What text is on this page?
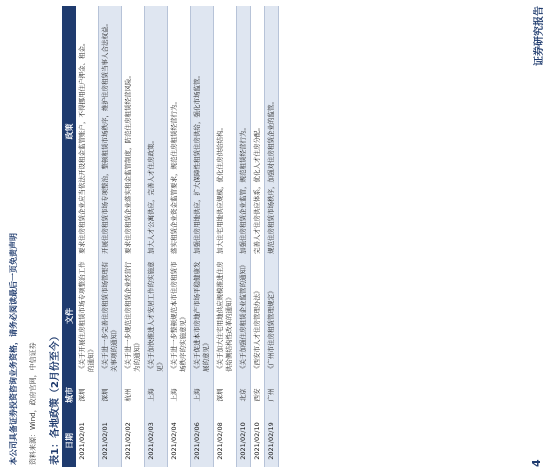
本公司具备证券投资咨询业务资格，请务必阅读最后一页免责声明 资料来源：Wind，政府官网，中信证券	表1：各地政策（2月份至今） 日期	城市	文件	政策
2021/02/01	深圳	《关于开展住房租赁市场专项整治工作的通知》	要求住房租赁企业应当依法开设租金监管账户，不得挪用住户押金、租金。
2021/02/01	深圳	《关于进一步完善住房租赁市场管理有关事项的通知》	开展住房租赁市场专项整治，整顿租赁市场秩序，维护住房租赁当事人合法权益。
2021/02/02	杭州	《关于进一步规范住房租赁企业经营行为的通知》	要求住房租赁企业落实租金监管制度，防范住房租赁经营风险。
2021/02/03	上海	《关于加快推进人才安居工作的实施意见》	加大人才公寓供应，完善人才住房政策。
2021/02/04	上海	《关于进一步整顿规范本市住房租赁市场秩序的实施意见》	落实租赁企业资金监管要求，规范住房租赁经营行为。
2021/02/06	上海	《关于促进本市房地产市场平稳健康发展的意见》	加强住房用地供应，扩大保障性租赁住房供给，强化市场监管。
2021/02/08	深圳	《关于加大住宅用地供应规模推进住房供给侧结构性改革的通知》	加大住宅用地供应规模，优化住房供给结构。
2021/02/10	北京	《关于加强住房租赁企业监管的通知》	加强住房租赁企业监管，规范租赁经营行为。
2021/02/10	西安	《西安市人才住房管理办法》	完善人才住房供应体系，优化人才住房分配。
2021/02/19	广州	《广州市住房租赁管理规定》	规范住房租赁市场秩序，加强对住房租赁企业的监管。
4
证券研究报告
